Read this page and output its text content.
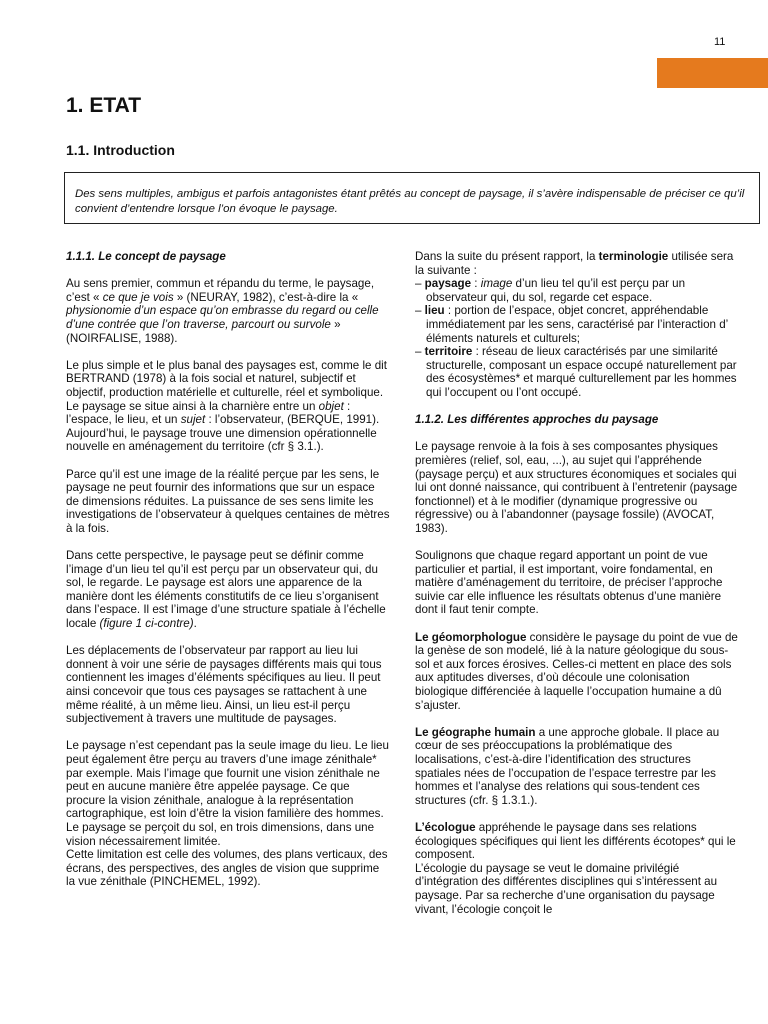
11
1. ETAT
1.1. Introduction
Des sens multiples, ambigus et parfois antagonistes étant prêtés au concept de paysage, il s’avère indispensable de préciser ce qu’il convient d’entendre lorsque l’on évoque le paysage.
1.1.1. Le concept de paysage

Au sens premier, commun et répandu du terme, le paysage, c’est « ce que je vois » (NEURAY, 1982), c’est-à-dire la « physionomie d’un espace qu’on embrasse du regard ou celle d’une contrée que l’on traverse, parcourt ou survole » (NOIRFALISE, 1988).

Le plus simple et le plus banal des paysages est, comme le dit BERTRAND (1978) à la fois social et naturel, subjectif et objectif, production matérielle et culturelle, réel et symbolique.

Le paysage se situe ainsi à la charnière entre un objet : l’espace, le lieu, et un sujet : l’observateur, (BERQUE, 1991).

Aujourd’hui, le paysage trouve une dimension opérationnelle nouvelle en aménagement du territoire (cfr § 3.1.).

Parce qu’il est une image de la réalité perçue par les sens, le paysage ne peut fournir des informations que sur un espace de dimensions réduites. La puissance de ses sens limite les investigations de l’observateur à quelques centaines de mètres à la fois.

Dans cette perspective, le paysage peut se définir comme l’image d’un lieu tel qu’il est perçu par un observateur qui, du sol, le regarde. Le paysage est alors une apparence de la manière dont les éléments constitutifs de ce lieu s’organisent dans l’espace. Il est l’image d’une structure spatiale à l’échelle locale (figure 1 ci-contre).

Les déplacements de l’observateur par rapport au lieu lui donnent à voir une série de paysages différents mais qui tous contiennent les images d’éléments spécifiques au lieu. Il peut ainsi concevoir que tous ces paysages se rattachent à une même réalité, à un même lieu. Ainsi, un lieu est-il perçu subjectivement à travers une multitude de paysages.

Le paysage n’est cependant pas la seule image du lieu. Le lieu peut également être perçu au travers d’une image zénithale* par exemple. Mais l’image que fournit une vision zénithale ne peut en aucune manière être appelée paysage. Ce que procure la vision zénithale, analogue à la représentation cartographique, est loin d’être la vision familière des hommes. Le paysage se perçoit du sol, en trois dimensions, dans une vision nécessairement limitée.

Cette limitation est celle des volumes, des plans verticaux, des écrans, des perspectives, des angles de vision que supprime la vue zénithale (PINCHEMEL, 1992).

Dans la suite du présent rapport, la terminologie utilisée sera la suivante :

– paysage : image d’un lieu tel qu’il est perçu par un observateur qui, du sol, regarde cet espace.
– lieu : portion de l’espace, objet concret, appréhendable immédiatement par les sens, caractérisé par l’interaction d’ éléments naturels et culturels;
– territoire : réseau de lieux caractérisés par une similarité structurelle, composant un espace occupé naturellement par des écosystèmes* et marqué culturellement par les hommes qui l’occupent ou l’ont occupé.
1.1.2. Les différentes approches du paysage

Le paysage renvoie à la fois à ses composantes physiques premières (relief, sol, eau, ...), au sujet qui l’appréhende (paysage perçu) et aux structures économiques et sociales qui lui ont donné naissance, qui contribuent à l’entretenir (paysage fonctionnel) et à le modifier (dynamique progressive ou régressive) ou à l’abandonner (paysage fossile) (AVOCAT, 1983).

Soulignons que chaque regard apportant un point de vue particulier et partial, il est important, voire fondamental, en matière d’aménagement du territoire, de préciser l’approche suivie car elle influence les résultats obtenus d’une manière dont il faut tenir compte.

Le géomorphologue considère le paysage du point de vue de la genèse de son modelé, lié à la nature géologique du sous-sol et aux forces érosives. Celles-ci mettent en place des sols aux aptitudes diverses, d’où découle une colonisation biologique différenciée à laquelle l’occupation humaine a dû s’ajuster.

Le géographe humain a une approche globale. Il place au cœur de ses préoccupations la problématique des localisations, c’est-à-dire l’identification des structures spatiales nées de l’occupation de l’espace terrestre par les hommes et l’analyse des relations qui sous-tendent ces structures (cfr. § 1.3.1.).

L’écologue appréhende le paysage dans ses relations écologiques spécifiques qui lient les différents écotopes* qui le composent.

L’écologie du paysage se veut le domaine privilégié d’intégration des différentes disciplines qui s’intéressent au paysage. Par sa recherche d’une organisation du paysage vivant, l’écologie conçoit le
